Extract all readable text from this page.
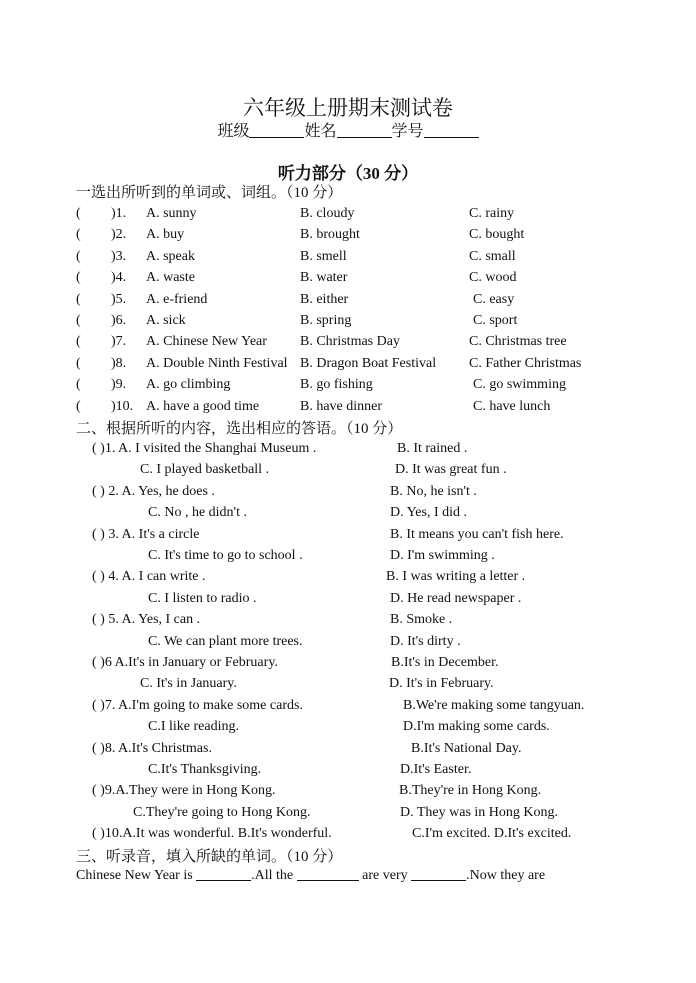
六年级上册期末测试卷
班级	姓名	学号
听力部分（30 分）
一选出所听到的单词或、词组。（10 分）
( )1. A. sunny	B. cloudy	C. rainy
( )2. A. buy	B. brought	C. bought
( )3. A. speak	B. smell	C. small
( )4. A. waste	B. water	C. wood
( )5. A. e-friend	B. either	C. easy
( )6. A. sick	B. spring	C. sport
( )7. A. Chinese New Year B. Christmas Day	C. Christmas tree
( )8. A. Double Ninth Festival B. Dragon Boat Festival C. Father Christmas
( )9. A. go climbing	B. go fishing	C. go swimming
( )10. A. have a good time	B. have dinner	C. have lunch
二、根据所听的内容，选出相应的答语。（10 分）
( )1. A. I visited the Shanghai Museum .	B. It rained .
C. I played basketball .	D. It was great fun .
( ) 2. A. Yes, he does .	B. No, he isn't .
C. No , he didn't .	D. Yes, I did .
( ) 3. A. It's a circle	B. It means you can't fish here.
C. It's time to go to school .	D. I'm swimming .
( ) 4. A. I can write .	B. I was writing a letter .
C. I listen to radio .	D. He read newspaper .
( ) 5. A. Yes, I can .	B. Smoke .
C. We can plant more trees.	D. It's dirty .
( )6 A.It's in January or February.	B.It's in December.
C. It's in January.	D. It's in February.
( )7. A.I'm going to make some cards.	B.We're making some tangyuan.
C.I like reading.	D.I'm making some cards.
( )8. A.It's Christmas.	B.It's National Day.
C.It's Thanksgiving.	D.It's Easter.
( )9.A.They were in Hong Kong.	B.They're in Hong Kong.
C.They're going to Hong Kong.	D. They was in Hong Kong.
( )10.A.It was wonderful. B.It's wonderful.	C.I'm excited. D.It's excited.
三、听录音，填入所缺的单词。（10 分）
Chinese New Year is	.All the	are very	.Now they are
